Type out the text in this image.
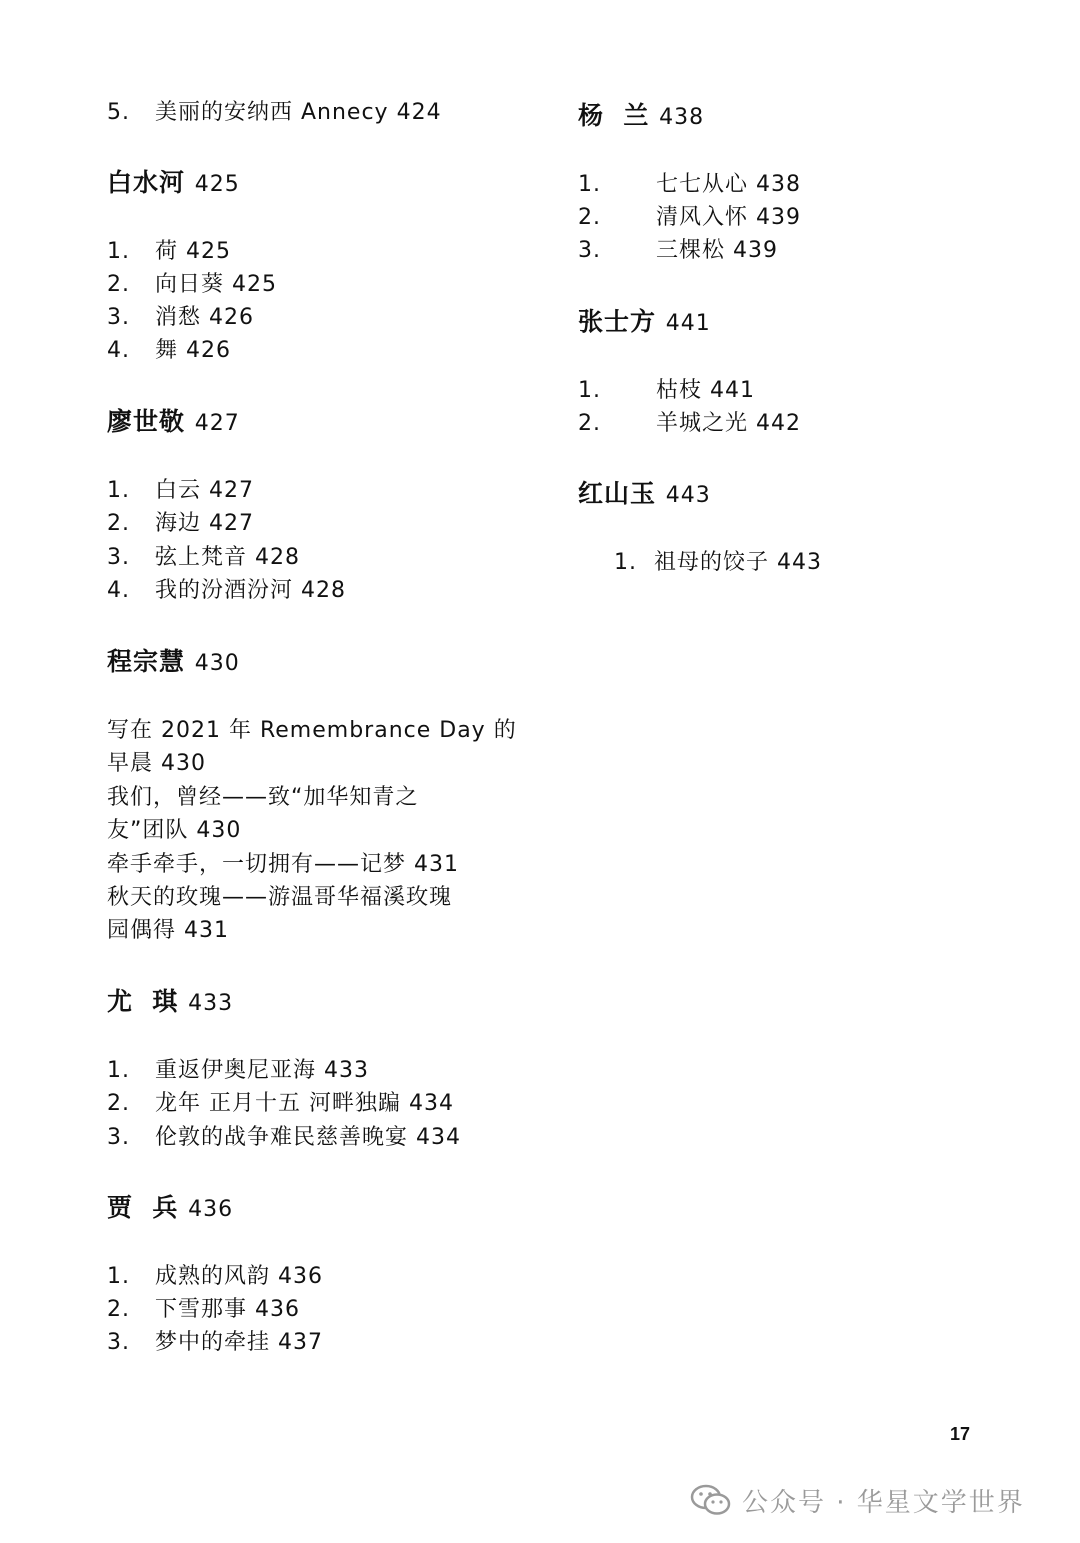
5. 美丽的安纳西 Annecy 424
白水河 425
1. 荷 425
2. 向日葵 425
3. 消愁 426
4. 舞 426
廖世敬 427
1. 白云 427
2. 海边 427
3. 弦上梵音 428
4. 我的汾酒汾河 428
程宗慧 430
写在 2021 年 Remembrance Day 的
早晨 430
我们，曾经——致“加华知青之
友”团队 430
牵手牵手，一切拥有——记梦 431
秋天的玫瑰——游温哥华福溪玫瑰
园偶得 431
尤  琪 433
1. 重返伊奥尼亚海 433
2. 龙年 正月十五 河畔独蹁 434
3. 伦敦的战争难民慈善晚宴 434
贾  兵 436
1. 成熟的风韵 436
2. 下雪那事 436
3. 梦中的牵挂 437
杨  兰 438
1.	七七从心 438
2.	清风入怀 439
3.	三棵松 439
张士方 441
1.	枯枝 441
2.	羊城之光 442
红山玉 443
1. 祖母的饺子 443
17
公众号 · 华星文学世界
